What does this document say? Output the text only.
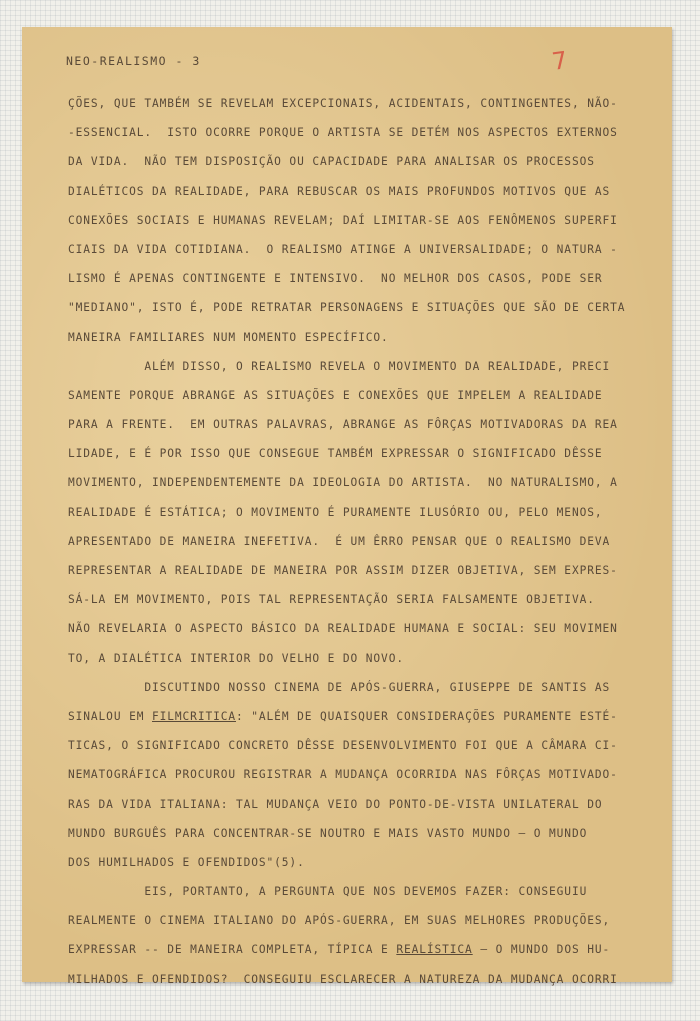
NEO-REALISMO - 3	7
ÇÕES, QUE TAMBÉM SE REVELAM EXCEPCIONAIS, ACIDENTAIS, CONTINGENTES, NÃO-
-ESSENCIAL.  ISTO OCORRE PORQUE O ARTISTA SE DETÉM NOS ASPECTOS EXTERNOS
DA VIDA.  NÃO TEM DISPOSIÇÃO OU CAPACIDADE PARA ANALISAR OS PROCESSOS
DIALÉTICOS DA REALIDADE, PARA REBUSCAR OS MAIS PROFUNDOS MOTIVOS QUE AS
CONEXÕES SOCIAIS E HUMANAS REVELAM; DAÍ LIMITAR-SE AOS FENÔMENOS SUPERFI
CIAIS DA VIDA COTIDIANA.  O REALISMO ATINGE A UNIVERSALIDADE; O NATURA -
LISMO É APENAS CONTINGENTE E INTENSIVO.  NO MELHOR DOS CASOS, PODE SER
"MEDIANO", ISTO É, PODE RETRATAR PERSONAGENS E SITUAÇÕES QUE SÃO DE CERTA
MANEIRA FAMILIARES NUM MOMENTO ESPECÍFICO.
ALÉM DISSO, O REALISMO REVELA O MOVIMENTO DA REALIDADE, PRECI
SAMENTE PORQUE ABRANGE AS SITUAÇÕES E CONEXÕES QUE IMPELEM A REALIDADE
PARA A FRENTE.  EM OUTRAS PALAVRAS, ABRANGE AS FÔRÇAS MOTIVADORAS DA REA
LIDADE, E É POR ISSO QUE CONSEGUE TAMBÉM EXPRESSAR O SIGNIFICADO DÊSSE
MOVIMENTO, INDEPENDENTEMENTE DA IDEOLOGIA DO ARTISTA.  NO NATURALISMO, A
REALIDADE É ESTÁTICA; O MOVIMENTO É PURAMENTE ILUSÓRIO OU, PELO MENOS,
APRESENTADO DE MANEIRA INEFETIVA.  É UM ÊRRO PENSAR QUE O REALISMO DEVA
REPRESENTAR A REALIDADE DE MANEIRA POR ASSIM DIZER OBJETIVA, SEM EXPRES-
SÁ-LA EM MOVIMENTO, POIS TAL REPRESENTAÇÃO SERIA FALSAMENTE OBJETIVA.
NÃO REVELARIA O ASPECTO BÁSICO DA REALIDADE HUMANA E SOCIAL: SEU MOVIMEN
TO, A DIALÉTICA INTERIOR DO VELHO E DO NOVO.
DISCUTINDO NOSSO CINEMA DE APÓS-GUERRA, GIUSEPPE DE SANTIS AS
SINALOU EM FILMCRITICA: "ALÉM DE QUAISQUER CONSIDERAÇÕES PURAMENTE ESTÉ-
TICAS, O SIGNIFICADO CONCRETO DÊSSE DESENVOLVIMENTO FOI QUE A CÂMARA CI-
NEMATOGRÁFICA PROCUROU REGISTRAR A MUDANÇA OCORRIDA NAS FÔRÇAS MOTIVADO-
RAS DA VIDA ITALIANA: TAL MUDANÇA VEIO DO PONTO-DE-VISTA UNILATERAL DO
MUNDO BURGUÊS PARA CONCENTRAR-SE NOUTRO E MAIS VASTO MUNDO — O MUNDO
DOS HUMILHADOS E OFENDIDOS"(5).
EIS, PORTANTO, A PERGUNTA QUE NOS DEVEMOS FAZER: CONSEGUIU
REALMENTE O CINEMA ITALIANO DO APÓS-GUERRA, EM SUAS MELHORES PRODUÇÕES,
EXPRESSAR -- DE MANEIRA COMPLETA, TÍPICA E REALÍSTICA — O MUNDO DOS HU-
MILHADOS E OFENDIDOS?  CONSEGUIU ESCLARECER A NATUREZA DA MUDANÇA OCORRI
